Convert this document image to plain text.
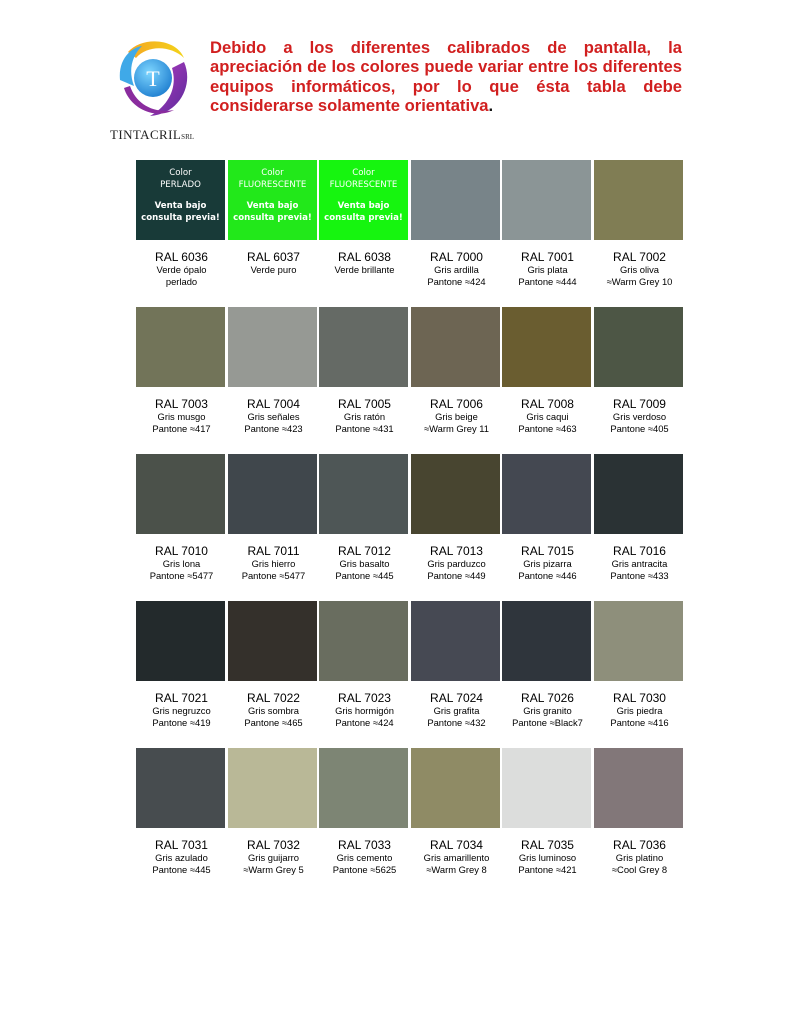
T
TINTACRILSRL

Debido a los diferentes calibrados de pantalla, la apreciación de los colores puede variar entre los diferentes equipos informáticos, por lo que ésta tabla debe considerarse solamente orientativa.

Color
PERLADO
Venta bajo
consulta previa!
RAL 6036
Verde ópalo
perlado
Color
FLUORESCENTE
Venta bajo
consulta previa!
RAL 6037
Verde puro
Color
FLUORESCENTE
Venta bajo
consulta previa!
RAL 6038
Verde brillante
RAL 7000
Gris ardilla
Pantone ≈424
RAL 7001
Gris plata
Pantone ≈444
RAL 7002
Gris oliva
≈Warm Grey 10
RAL 7003
Gris musgo
Pantone ≈417
RAL 7004
Gris señales
Pantone ≈423
RAL 7005
Gris ratón
Pantone ≈431
RAL 7006
Gris beige
≈Warm Grey 11
RAL 7008
Gris caqui
Pantone ≈463
RAL 7009
Gris verdoso
Pantone ≈405
RAL 7010
Gris lona
Pantone ≈5477
RAL 7011
Gris hierro
Pantone ≈5477
RAL 7012
Gris basalto
Pantone ≈445
RAL 7013
Gris parduzco
Pantone ≈449
RAL 7015
Gris pizarra
Pantone ≈446
RAL 7016
Gris antracita
Pantone ≈433
RAL 7021
Gris negruzco
Pantone ≈419
RAL 7022
Gris sombra
Pantone ≈465
RAL 7023
Gris hormigón
Pantone ≈424
RAL 7024
Gris grafita
Pantone ≈432
RAL 7026
Gris granito
Pantone ≈Black7
RAL 7030
Gris piedra
Pantone ≈416
RAL 7031
Gris azulado
Pantone ≈445
RAL 7032
Gris guijarro
≈Warm Grey 5
RAL 7033
Gris cemento
Pantone ≈5625
RAL 7034
Gris amarillento
≈Warm Grey 8
RAL 7035
Gris luminoso
Pantone ≈421
RAL 7036
Gris platino
≈Cool Grey 8
